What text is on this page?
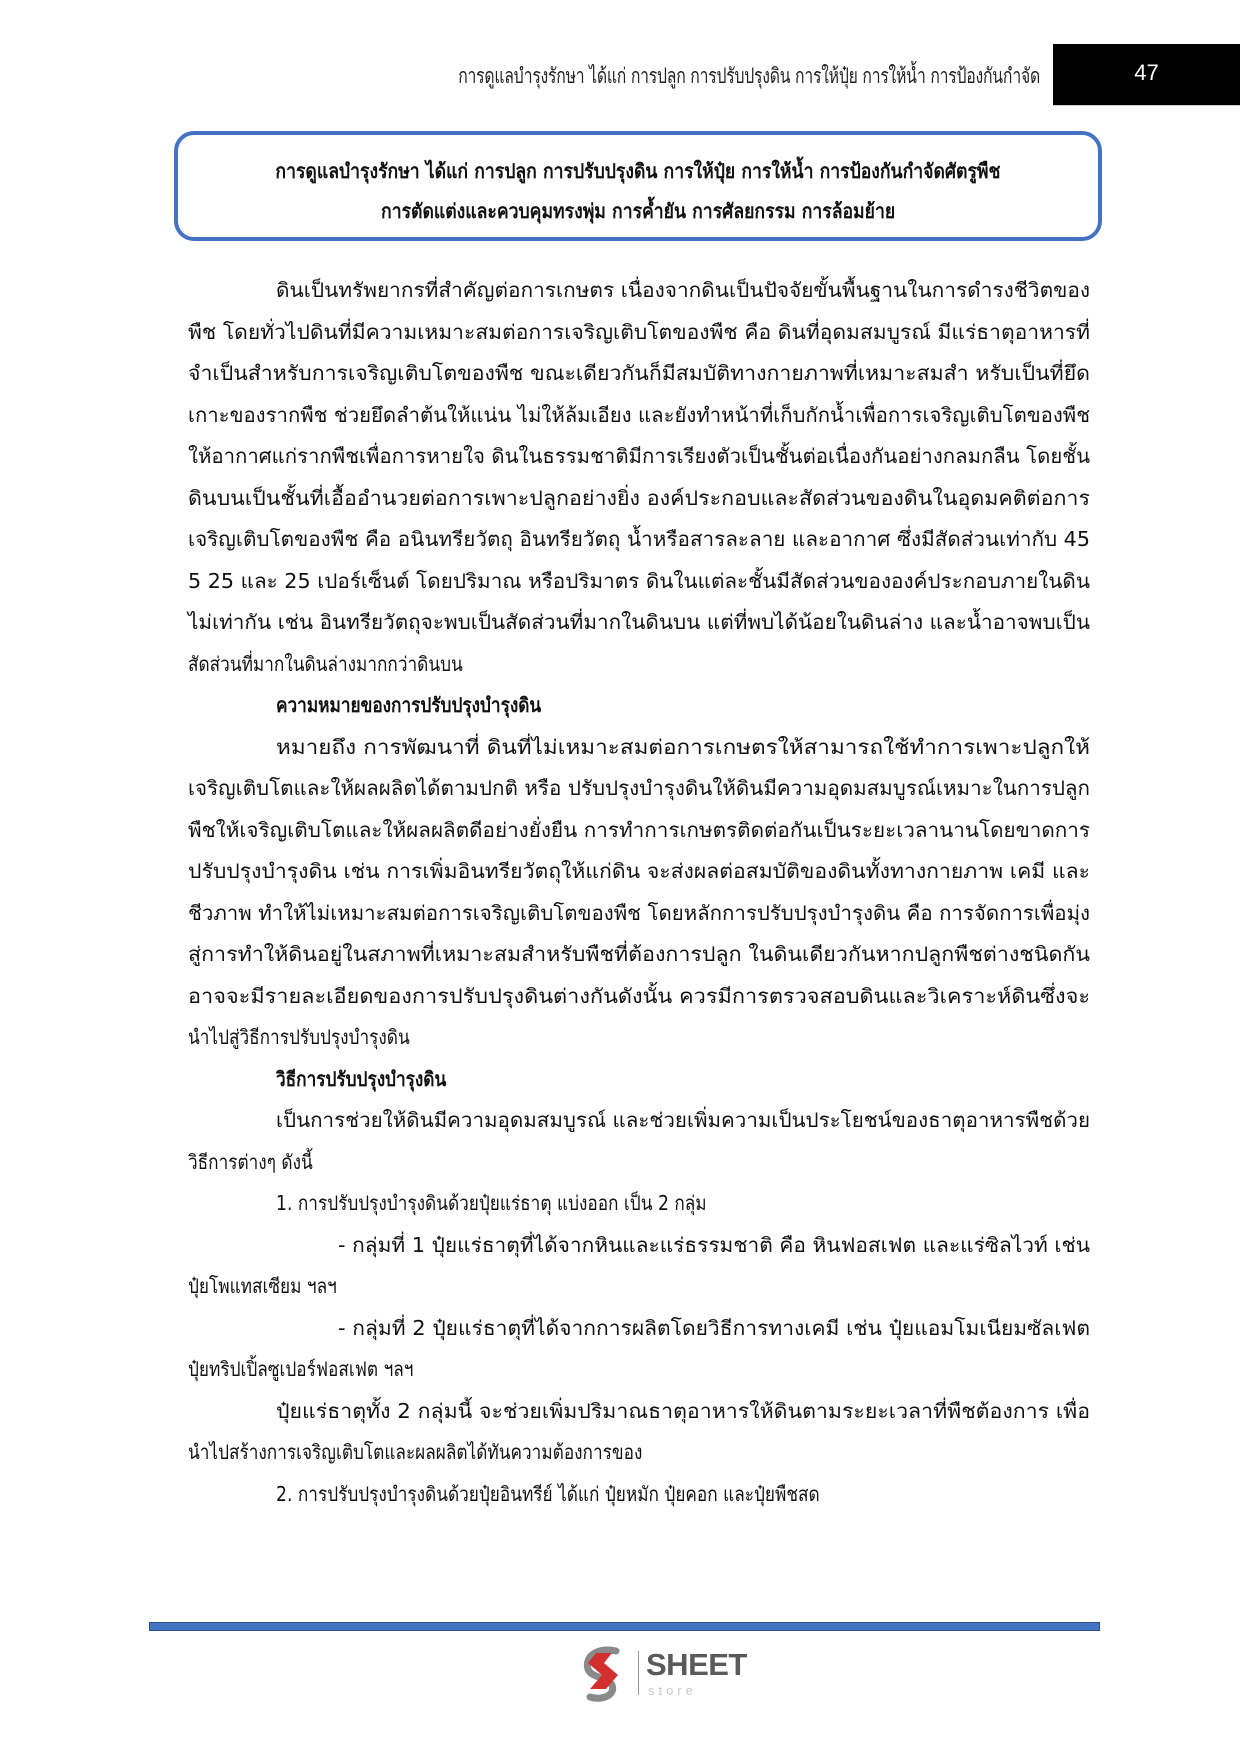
การดูแลบำรุงรักษา ได้แก่ การปลูก การปรับปรุงดิน การให้ปุ๋ย การให้น้ำ การป้องกันกำจัด	47
การดูแลบำรุงรักษา ได้แก่ การปลูก การปรับปรุงดิน การให้ปุ๋ย การให้น้ำ การป้องกันกำจัดศัตรูพืช
การตัดแต่งและควบคุมทรงพุ่ม การค้ำยัน การศัลยกรรม การล้อมย้าย
ดินเป็นทรัพยากรที่สำคัญต่อการเกษตร เนื่องจากดินเป็นปัจจัยขั้นพื้นฐานในการดำรงชีวิตของ
พืช โดยทั่วไปดินที่มีความเหมาะสมต่อการเจริญเติบโตของพืช คือ ดินที่อุดมสมบูรณ์ มีแร่ธาตุอาหารที่
จำเป็นสำหรับการเจริญเติบโตของพืช ขณะเดียวกันก็มีสมบัติทางกายภาพที่เหมาะสมสำ หรับเป็นที่ยึด
เกาะของรากพืช ช่วยยึดลำต้นให้แน่น ไม่ให้ล้มเอียง และยังทำหน้าที่เก็บกักน้ำเพื่อการเจริญเติบโตของพืช
ให้อากาศแก่รากพืชเพื่อการหายใจ ดินในธรรมชาติมีการเรียงตัวเป็นชั้นต่อเนื่องกันอย่างกลมกลืน โดยชั้น
ดินบนเป็นชั้นที่เอื้ออำนวยต่อการเพาะปลูกอย่างยิ่ง องค์ประกอบและสัดส่วนของดินในอุดมคติต่อการ
เจริญเติบโตของพืช คือ อนินทรียวัตถุ อินทรียวัตถุ น้ำหรือสารละลาย และอากาศ ซึ่งมีสัดส่วนเท่ากับ 45
5 25 และ 25 เปอร์เซ็นต์ โดยปริมาณ หรือปริมาตร ดินในแต่ละชั้นมีสัดส่วนขององค์ประกอบภายในดิน
ไม่เท่ากัน เช่น อินทรียวัตถุจะพบเป็นสัดส่วนที่มากในดินบน แต่ที่พบได้น้อยในดินล่าง และน้ำอาจพบเป็น
สัดส่วนที่มากในดินล่างมากกว่าดินบน
ความหมายของการปรับปรุงบำรุงดิน
หมายถึง การพัฒนาที่ ดินที่ไม่เหมาะสมต่อการเกษตรให้สามารถใช้ทำการเพาะปลูกให้
เจริญเติบโตและให้ผลผลิตได้ตามปกติ หรือ ปรับปรุงบำรุงดินให้ดินมีความอุดมสมบูรณ์เหมาะในการปลูก
พืชให้เจริญเติบโตและให้ผลผลิตดีอย่างยั่งยืน การทำการเกษตรติดต่อกันเป็นระยะเวลานานโดยขาดการ
ปรับปรุงบำรุงดิน เช่น การเพิ่มอินทรียวัตถุให้แก่ดิน จะส่งผลต่อสมบัติของดินทั้งทางกายภาพ เคมี และ
ชีวภาพ ทำให้ไม่เหมาะสมต่อการเจริญเติบโตของพืช โดยหลักการปรับปรุงบำรุงดิน คือ การจัดการเพื่อมุ่ง
สู่การทำให้ดินอยู่ในสภาพที่เหมาะสมสำหรับพืชที่ต้องการปลูก ในดินเดียวกันหากปลูกพืชต่างชนิดกัน
อาจจะมีรายละเอียดของการปรับปรุงดินต่างกันดังนั้น ควรมีการตรวจสอบดินและวิเคราะห์ดินซึ่งจะ
นำไปสู่วิธีการปรับปรุงบำรุงดิน
วิธีการปรับปรุงบำรุงดิน
เป็นการช่วยให้ดินมีความอุดมสมบูรณ์ และช่วยเพิ่มความเป็นประโยชน์ของธาตุอาหารพืชด้วย
วิธีการต่างๆ ดังนี้
1. การปรับปรุงบำรุงดินด้วยปุ๋ยแร่ธาตุ แบ่งออก เป็น 2 กลุ่ม
- กลุ่มที่ 1 ปุ๋ยแร่ธาตุที่ได้จากหินและแร่ธรรมชาติ คือ หินฟอสเฟต และแร่ซิลไวท์ เช่น
ปุ๋ยโพแทสเซียม ฯลฯ
- กลุ่มที่ 2 ปุ๋ยแร่ธาตุที่ได้จากการผลิตโดยวิธีการทางเคมี เช่น ปุ๋ยแอมโมเนียมซัลเฟต
ปุ๋ยทริปเปิ้ลซูเปอร์ฟอสเฟต ฯลฯ
ปุ๋ยแร่ธาตุทั้ง 2 กลุ่มนี้ จะช่วยเพิ่มปริมาณธาตุอาหารให้ดินตามระยะเวลาที่พืชต้องการ เพื่อ
นำไปสร้างการเจริญเติบโตและผลผลิตได้ทันความต้องการของ
2. การปรับปรุงบำรุงดินด้วยปุ๋ยอินทรีย์ ได้แก่ ปุ๋ยหมัก ปุ๋ยคอก และปุ๋ยพืชสด
SHEET
store
